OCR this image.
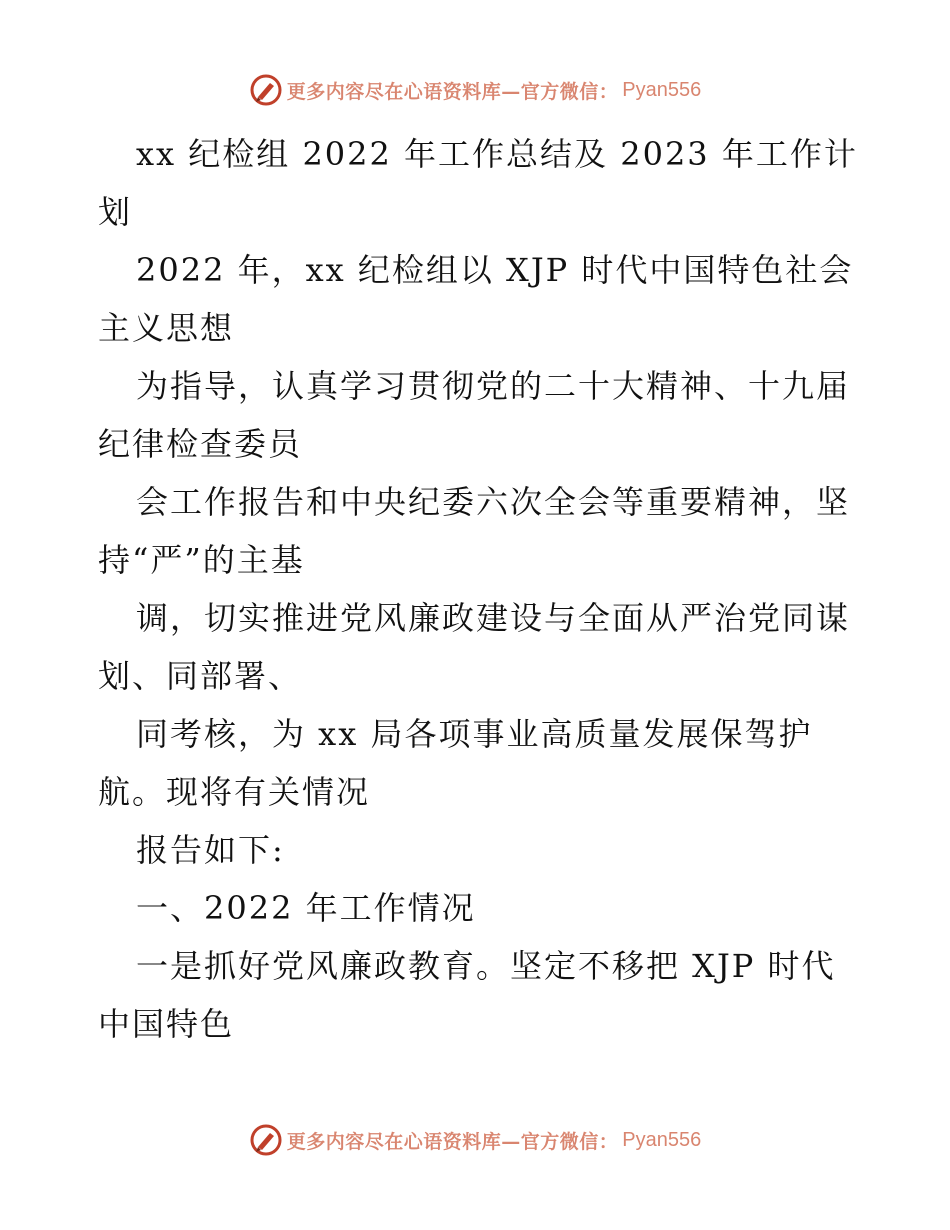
更多内容尽在心语资料库—官方微信： Pyan556
xx 纪检组 2022 年工作总结及 2023 年工作计
划
2022 年，xx 纪检组以 XJP 时代中国特色社会
主义思想
为指导，认真学习贯彻党的二十大精神、十九届
纪律检查委员
会工作报告和中央纪委六次全会等重要精神，坚
持“严”的主基
调，切实推进党风廉政建设与全面从严治党同谋
划、同部署、
同考核，为 xx 局各项事业高质量发展保驾护
航。现将有关情况
报告如下:
一、2022 年工作情况
一是抓好党风廉政教育。坚定不移把 XJP 时代
中国特色
更多内容尽在心语资料库—官方微信： Pyan556
